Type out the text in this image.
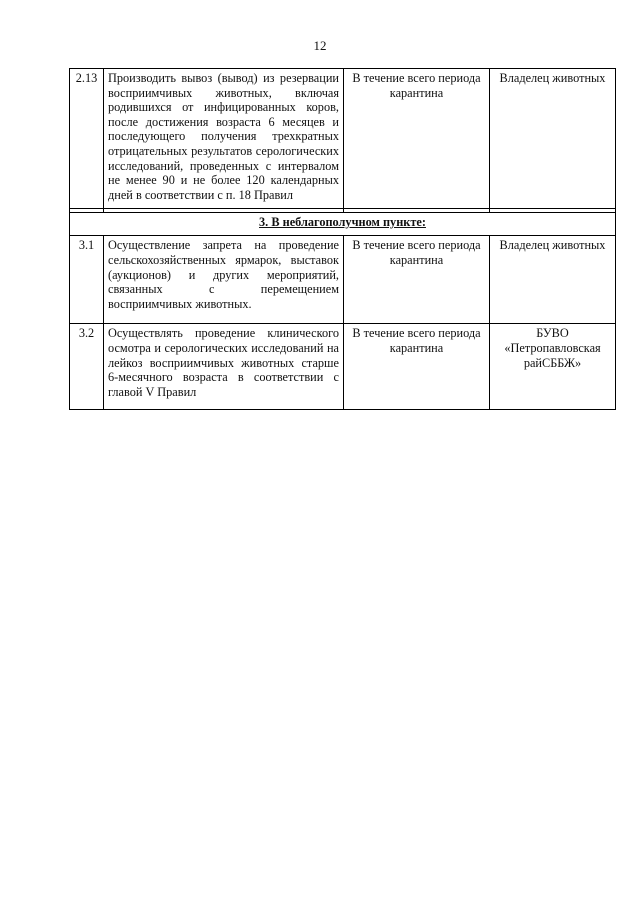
12
2.13	Производить вывоз (вывод) из резервации восприимчивых животных, включая родившихся от инфицированных коров, после достижения возраста 6 месяцев и последующего получения трехкратных отрицательных результатов серологических исследований, проведенных с интервалом не менее 90 и не более 120 календарных дней в соответствии с п. 18 Правил	В течение всего периода карантина	Владелец животных

3. В неблагополучном пункте:			
3.1	Осуществление запрета на проведение сельскохозяйственных ярмарок, выставок (аукционов) и других мероприятий, связанных с перемещением восприимчивых животных.	В течение всего периода карантина	Владелец животных
3.2	Осуществлять проведение клинического осмотра и серологических исследований на лейкоз восприимчивых животных старше 6-месячного возраста в соответствии с главой V Правил	В течение всего периода карантина	БУВО «Петропавловская райСББЖ»
